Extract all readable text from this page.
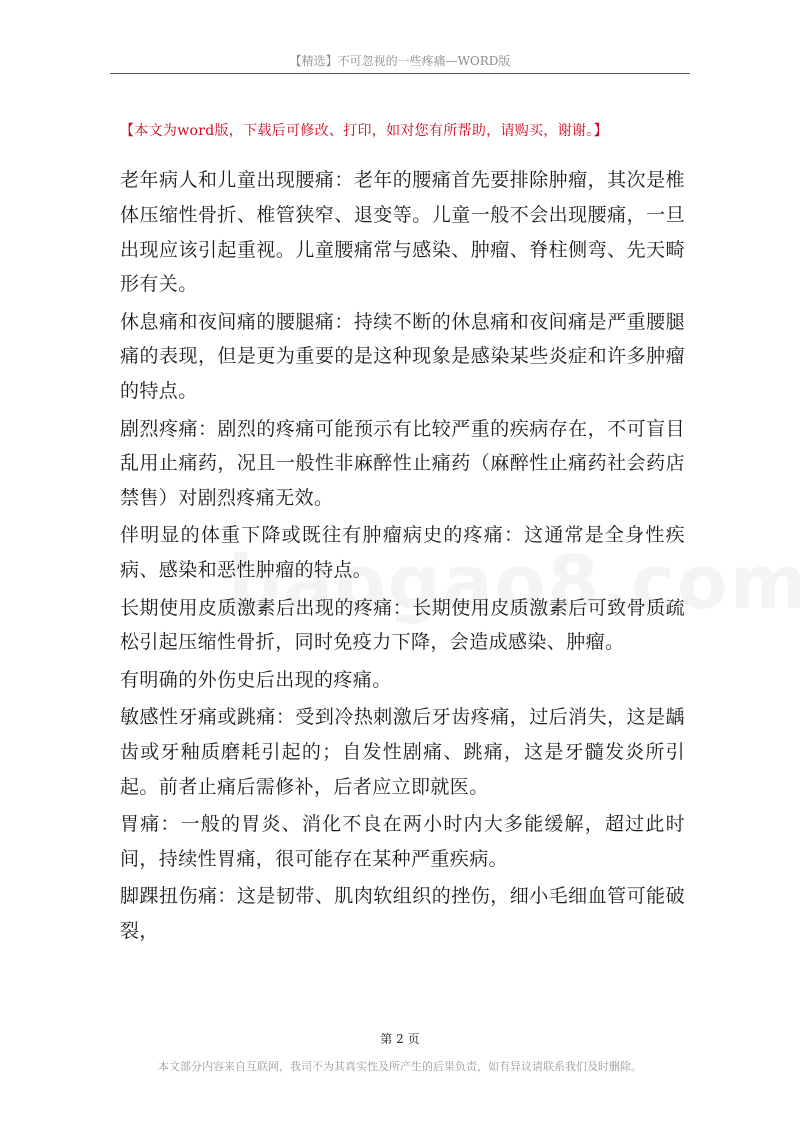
【精选】不可忽视的一些疼痛—WORD版
【本文为word版，下载后可修改、打印，如对您有所帮助，请购买，谢谢。】

老年病人和儿童出现腰痛：老年的腰痛首先要排除肿瘤，其次是椎体压缩性骨折、椎管狭窄、退变等。儿童一般不会出现腰痛，一旦出现应该引起重视。儿童腰痛常与感染、肿瘤、脊柱侧弯、先天畸形有关。

休息痛和夜间痛的腰腿痛：持续不断的休息痛和夜间痛是严重腰腿痛的表现，但是更为重要的是这种现象是感染某些炎症和许多肿瘤的特点。

剧烈疼痛：剧烈的疼痛可能预示有比较严重的疾病存在，不可盲目乱用止痛药，况且一般性非麻醉性止痛药（麻醉性止痛药社会药店禁售）对剧烈疼痛无效。

伴明显的体重下降或既往有肿瘤病史的疼痛：这通常是全身性疾病、感染和恶性肿瘤的特点。

长期使用皮质激素后出现的疼痛：长期使用皮质激素后可致骨质疏松引起压缩性骨折，同时免疫力下降，会造成感染、肿瘤。

有明确的外伤史后出现的疼痛。

敏感性牙痛或跳痛：受到冷热刺激后牙齿疼痛，过后消失，这是龋齿或牙釉质磨耗引起的；自发性剧痛、跳痛，这是牙髓发炎所引起。前者止痛后需修补，后者应立即就医。

胃痛：一般的胃炎、消化不良在两小时内大多能缓解，超过此时间，持续性胃痛，很可能存在某种严重疾病。

脚踝扭伤痛：这是韧带、肌肉软组织的挫伤，细小毛细血管可能破裂，

第 2 页
本文部分内容来自互联网，我司不为其真实性及所产生的后果负责，如有异议请联系我们及时删除。
